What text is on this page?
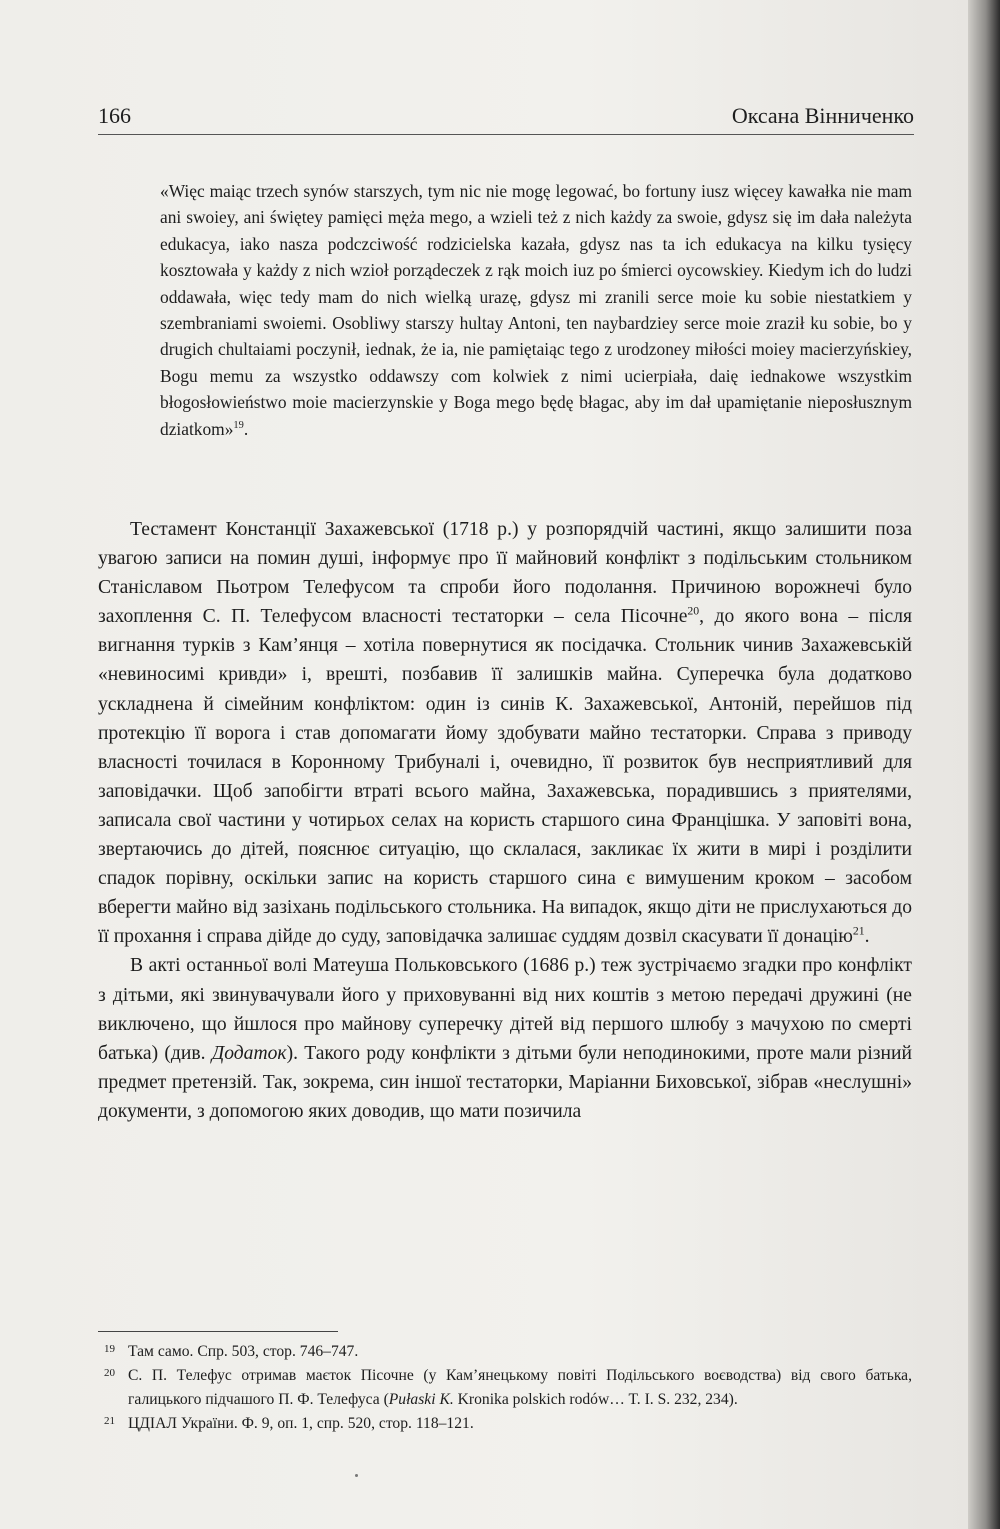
166	Оксана Вінниченко

«Więc maiąc trzech synów starszych, tym nic nie mogę legować, bo fortuny iusz więcey kawałka nie mam ani swoiey, ani świętey pamięci męża mego, a wzieli też z nich każdy za swoie, gdysz się im dała należyta edukacya, iako nasza podczciwość rodzicielska kazała, gdysz nas ta ich edukacya na kilku tysięcy kosztowała y każdy z nich wzioł porządeczek z rąk moich iuz po śmierci oycowskiey. Kiedym ich do ludzi oddawała, więc tedy mam do nich wielką urazę, gdysz mi zranili serce moie ku sobie niestatkiem y szembraniami swoiemi. Osobliwy starszy hultay Antoni, ten naybardziey serce moie zraził ku sobie, bo y drugich chultaiami poczynił, iednak, że ia, nie pamiętaiąc tego z urodzoney miłości moiey macierzyńskiey, Bogu memu za wszystko oddawszy com kolwiek z nimi ucierpiała, daię iednakowe wszystkim błogosłowieństwo moie macierzynskie y Boga mego będę błagac, aby im dał upamiętanie nieposłusznym dziatkom»$^{19}$.

Тестамент Констанції Захажевської (1718 р.) у розпорядчій частині, якщо залишити поза увагою записи на помин душі, інформує про її майновий конфлікт з подільським стольником Станіславом Пьотром Телефусом та спроби його подолання. Причиною ворожнечі було захоплення С. П. Телефусом власності тестаторки – села Пісочне$^{20}$, до якого вона – після вигнання турків з Кам’янця – хотіла повернутися як посідачка. Стольник чинив Захажевській «невиносимі кривди» і, врешті, позбавив її залишків майна. Суперечка була додатково ускладнена й сімейним конфліктом: один із синів К. Захажевської, Антоній, перейшов під протекцію її ворога і став допомагати йому здобувати майно тестаторки. Справа з приводу власності точилася в Коронному Трибуналі і, очевидно, її розвиток був несприятливий для заповідачки. Щоб запобігти втраті всього майна, Захажевська, порадившись з приятелями, записала свої частини у чотирьох селах на користь старшого сина Францішка. У заповіті вона, звертаючись до дітей, пояснює ситуацію, що склалася, закликає їх жити в мирі і розділити спадок порівну, оскільки запис на користь старшого сина є вимушеним кроком – засобом вберегти майно від зазіхань подільського стольника. На випадок, якщо діти не прислухаються до її прохання і справа дійде до суду, заповідачка залишає суддям дозвіл скасувати її донацію$^{21}$.

В акті останньої волі Матеуша Польковського (1686 р.) теж зустрічаємо згадки про конфлікт з дітьми, які звинувачували його у приховуванні від них коштів з метою передачі дружині (не виключено, що йшлося про майнову суперечку дітей від першого шлюбу з мачухою по смерті батька) (див. Додаток). Такого роду конфлікти з дітьми були неподинокими, проте мали різний предмет претензій. Так, зокрема, син іншої тестаторки, Маріанни Биховської, зібрав «неслушні» документи, з допомогою яких доводив, що мати позичила

19 Там само. Спр. 503, стор. 746–747.
20 С. П. Телефус отримав маєток Пісочне (у Кам’янецькому повіті Подільського воєводства) від свого батька, галицького підчашого П. Ф. Телефуса (Pułaski K. Kronika polskich rodów… T. I. S. 232, 234).
21 ЦДІАЛ України. Ф. 9, оп. 1, спр. 520, стор. 118–121.
